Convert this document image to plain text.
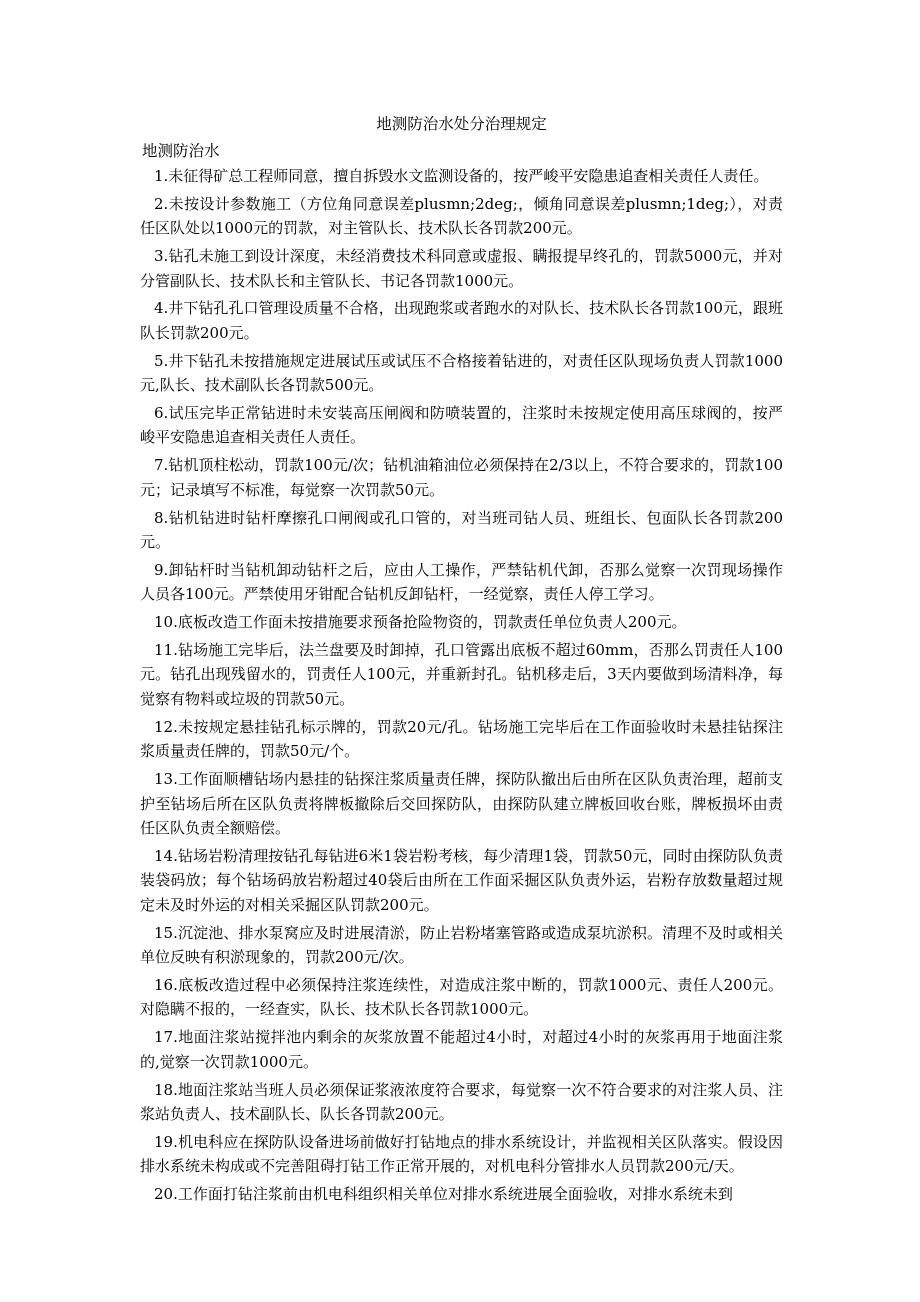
地测防治水处分治理规定

地测防治水

1.未征得矿总工程师同意，擅自拆毁水文监测设备的，按严峻平安隐患追查相关责任人责任。
2.未按设计参数施工（方位角同意误差plusmn;2deg;，倾角同意误差plusmn;1deg;），对责任区队处以1000元的罚款，对主管队长、技术队长各罚款200元。
3.钻孔未施工到设计深度，未经消费技术科同意或虚报、瞒报提早终孔的，罚款5000元，并对分管副队长、技术队长和主管队长、书记各罚款1000元。
4.井下钻孔孔口管理设质量不合格，出现跑浆或者跑水的对队长、技术队长各罚款100元，跟班队长罚款200元。
5.井下钻孔未按措施规定进展试压或试压不合格接着钻进的，对责任区队现场负责人罚款1000元,队长、技术副队长各罚款500元。
6.试压完毕正常钻进时未安装高压闸阀和防喷装置的，注浆时未按规定使用高压球阀的，按严峻平安隐患追查相关责任人责任。
7.钻机顶柱松动，罚款100元/次；钻机油箱油位必须保持在2/3以上，不符合要求的，罚款100元；记录填写不标准，每觉察一次罚款50元。
8.钻机钻进时钻杆摩擦孔口闸阀或孔口管的，对当班司钻人员、班组长、包面队长各罚款200元。
9.卸钻杆时当钻机卸动钻杆之后，应由人工操作，严禁钻机代卸，否那么觉察一次罚现场操作人员各100元。严禁使用牙钳配合钻机反卸钻杆，一经觉察，责任人停工学习。
10.底板改造工作面未按措施要求预备抢险物资的，罚款责任单位负责人200元。
11.钻场施工完毕后，法兰盘要及时卸掉，孔口管露出底板不超过60mm，否那么罚责任人100元。钻孔出现残留水的，罚责任人100元，并重新封孔。钻机移走后，3天内要做到场清料净，每觉察有物料或垃圾的罚款50元。
12.未按规定悬挂钻孔标示牌的，罚款20元/孔。钻场施工完毕后在工作面验收时未悬挂钻探注浆质量责任牌的，罚款50元/个。
13.工作面顺槽钻场内悬挂的钻探注浆质量责任牌，探防队撤出后由所在区队负责治理，超前支护至钻场后所在区队负责将牌板撤除后交回探防队，由探防队建立牌板回收台账，牌板损坏由责任区队负责全额赔偿。
14.钻场岩粉清理按钻孔每钻进6米1袋岩粉考核，每少清理1袋，罚款50元，同时由探防队负责装袋码放；每个钻场码放岩粉超过40袋后由所在工作面采掘区队负责外运，岩粉存放数量超过规定未及时外运的对相关采掘区队罚款200元。
15.沉淀池、排水泵窝应及时进展清淤，防止岩粉堵塞管路或造成泵坑淤积。清理不及时或相关单位反映有积淤现象的，罚款200元/次。
16.底板改造过程中必须保持注浆连续性，对造成注浆中断的，罚款1000元、责任人200元。对隐瞒不报的，一经查实，队长、技术队长各罚款1000元。
17.地面注浆站搅拌池内剩余的灰浆放置不能超过4小时，对超过4小时的灰浆再用于地面注浆的,觉察一次罚款1000元。
18.地面注浆站当班人员必须保证浆液浓度符合要求，每觉察一次不符合要求的对注浆人员、注浆站负责人、技术副队长、队长各罚款200元。
19.机电科应在探防队设备进场前做好打钻地点的排水系统设计，并监视相关区队落实。假设因排水系统未构成或不完善阻碍打钻工作正常开展的，对机电科分管排水人员罚款200元/天。
20.工作面打钻注浆前由机电科组织相关单位对排水系统进展全面验收，对排水系统未到
